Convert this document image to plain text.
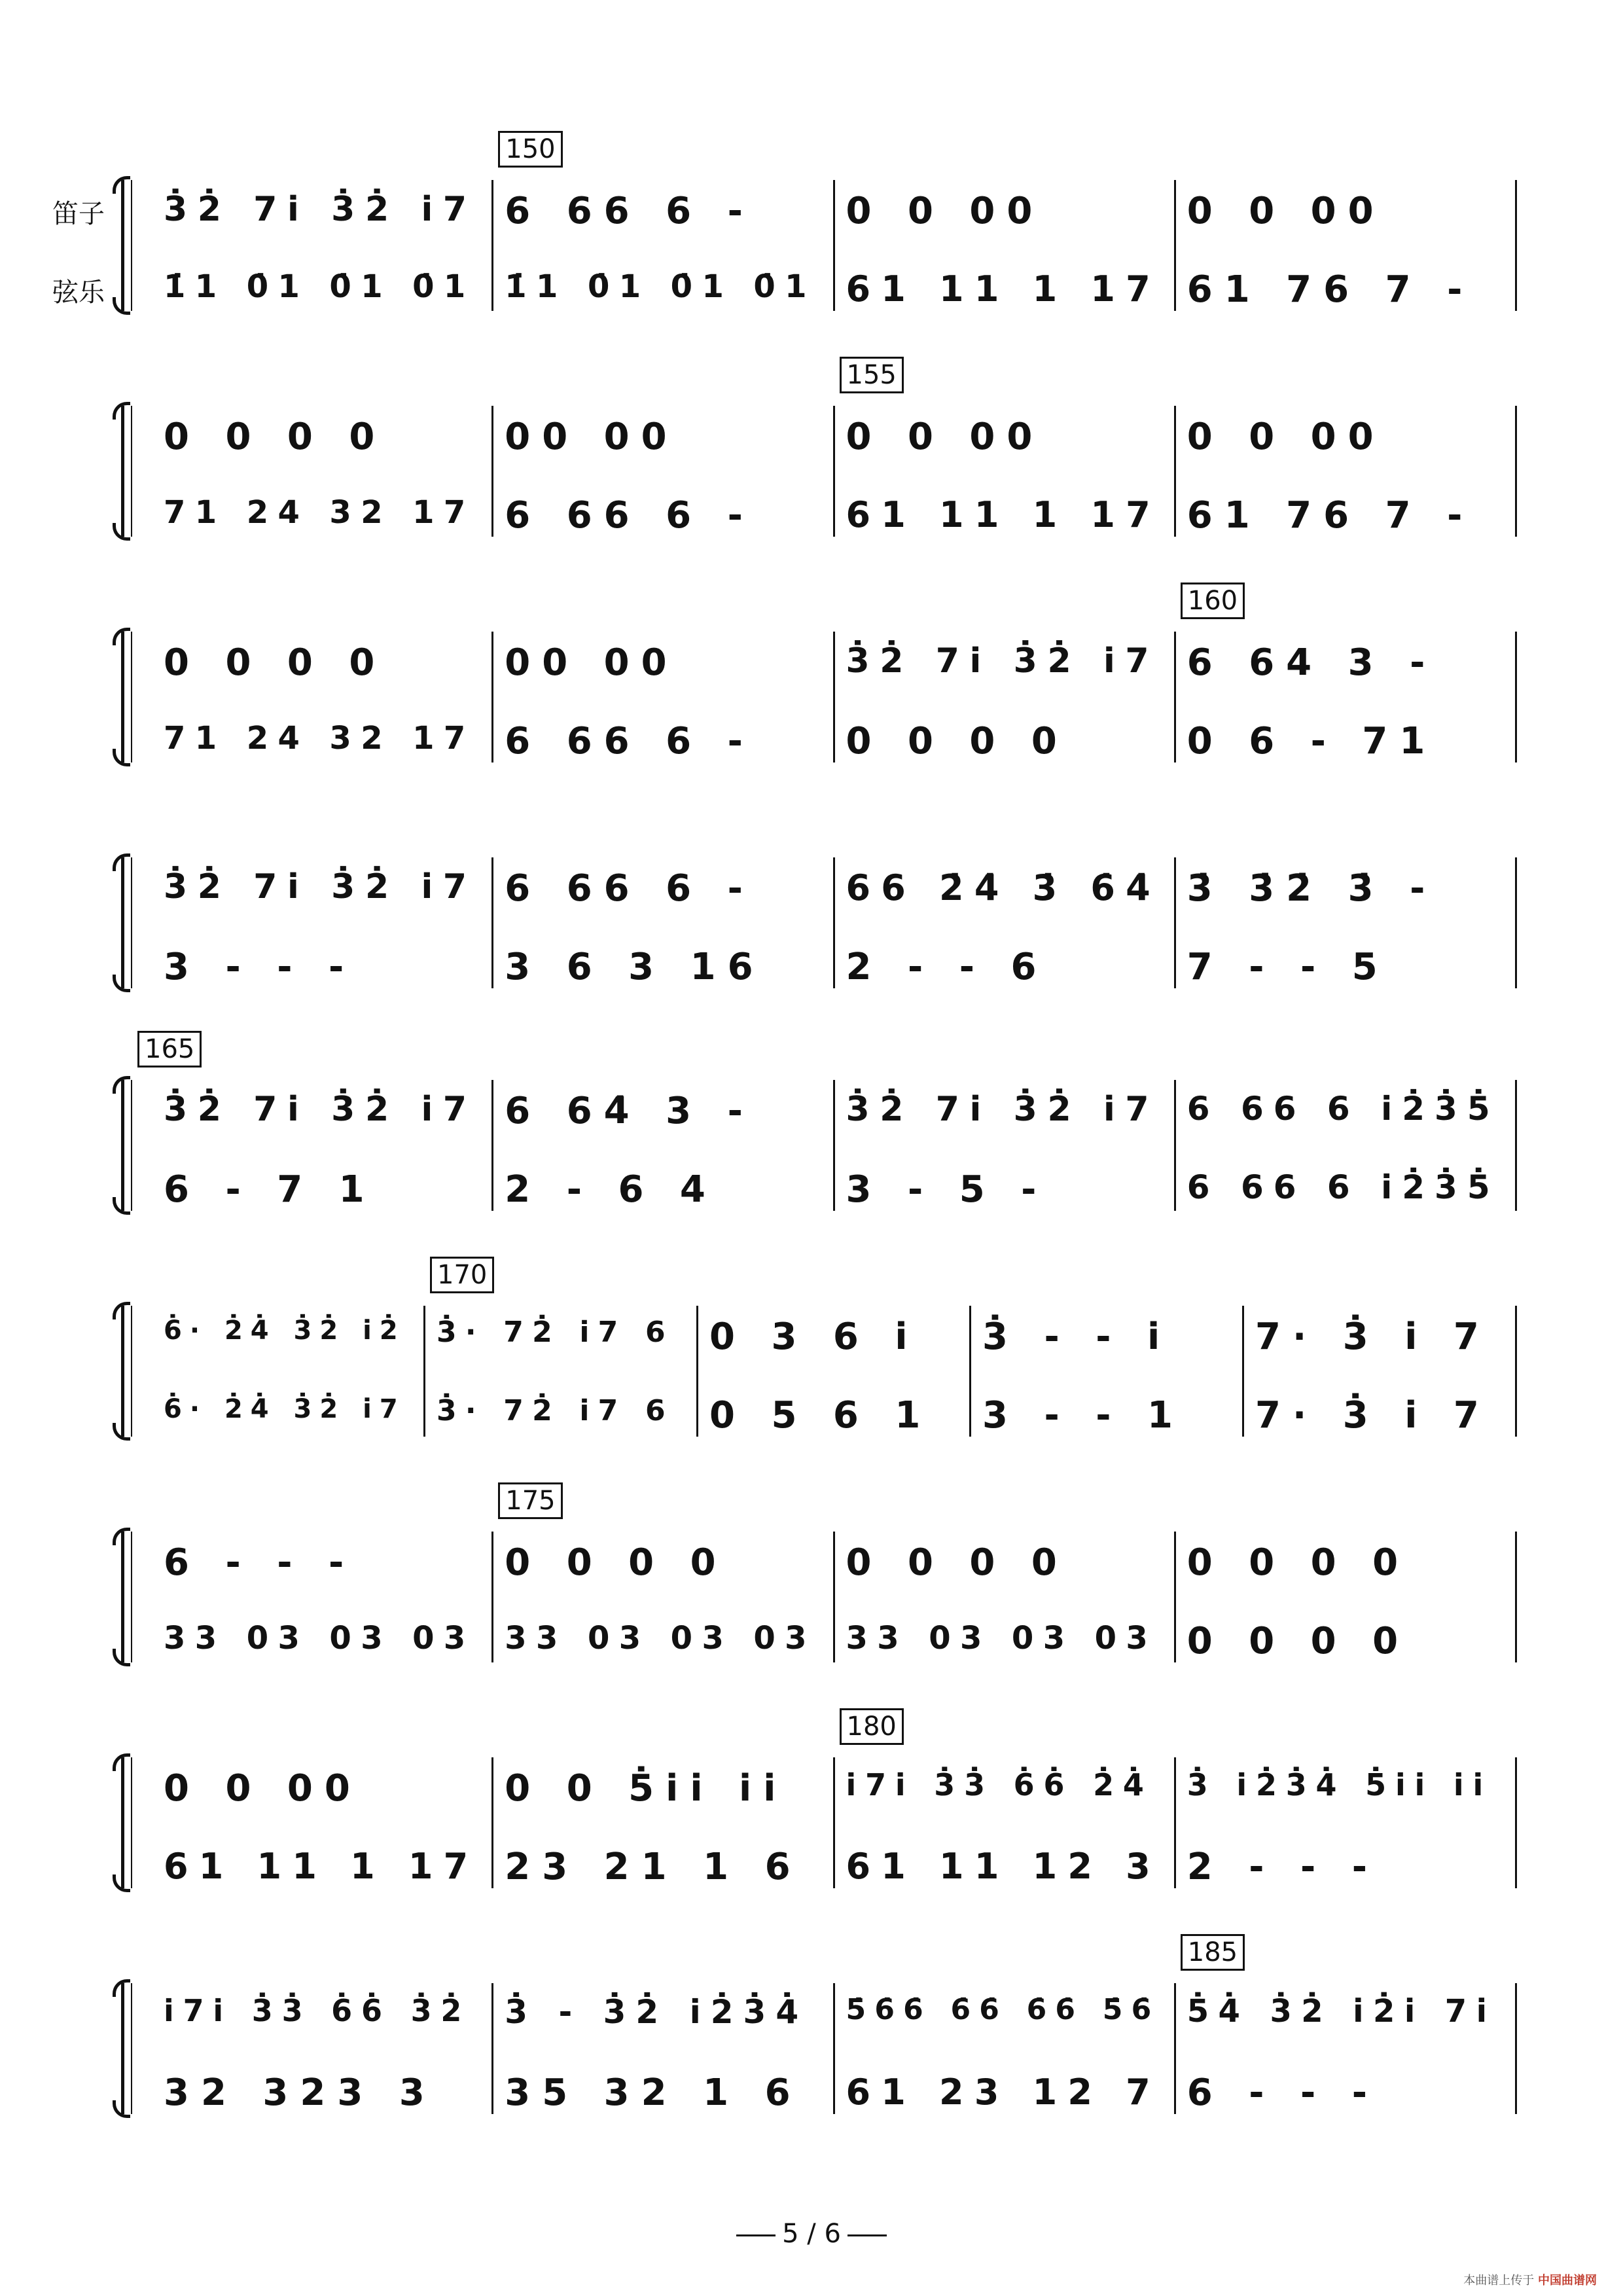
笛子
弦乐
3̇2̇ 7i̇ 3̇2̇ i̇7
1̇1 0̇1 0̇1 0̇1
6 66 6 -
1̇1 0̇1 0̇1 0̇1
150
0 0 00
61 11 1 17
0 0 00
61 76 7 -
0 0 0 0
71 24 32 17
00 00
6 66 6 -
0 0 00
61 11 1 17
155
0 0 00
61 76 7 -
0 0 0 0
71 24 32 17
00 00
6 66 6 -
3̇2̇ 7i̇ 3̇2̇ i̇7
0 0 0 0
6 64 3 -
0 6 - 71
160
3̇2̇ 7i̇ 3̇2̇ i̇7
3 - - -
6 66 6 -
3 6 3 16
66 2̇4̇ 3̇ 6̇4̇
2 - - 6
3̇ 3̇2̇ 3̇ -
7 - - 5
3̇2̇ 7i̇ 3̇2̇ i̇7
6 - 7 1
165
6 64̇ 3 -
2 - 6 4
3̇2̇ 7i̇ 3̇2̇ i̇7
3 - 5 -
6 66 6 i̇2̇3̇5̇
6 66 6 i̇2̇3̇5̇
6̇· 2̇4̇ 3̇2̇ i̇2̇
6̇· 2̇4̇ 3̇2̇ i̇7
3̇· 72̇ i̇7 6
3̇· 72̇ i̇7 6
170
0 3 6 i̇
0 5 6 1
3̇ - - i̇
3 - - 1
7· 3̇ i̇ 7
7· 3̇ i̇ 7
6 - - -
33 03 03 03
0 0 0 0
33 03 03 03
175
0 0 0 0
33 03 03 03
0 0 0 0
0 0 0 0
0 0 00
61 11 1 17
0 0 5̇i̇i̇ i̇i̇
23 21 1 6
i̇7i̇ 3̇3̇ 6̇6̇ 2̇4̇
61 11 12 3
180
3̇ i̇2̇3̇4̇ 5̇i̇i̇ i̇i̇
2 - - -
i̇7i̇ 3̇3̇ 6̇6̇ 3̇2̇
32 323 3
3̇ - 3̇2̇ i̇2̇3̇4̇
35 32 1 6
5̇6̇6̇ 6̇6̇ 6̇6̇ 5̇6̇
61 23 12 7
5̇4̇ 3̇2̇ i̇2̇i̇ 7i̇
6 - - -
185
5 / 6
本曲谱上传于 中国曲谱网
